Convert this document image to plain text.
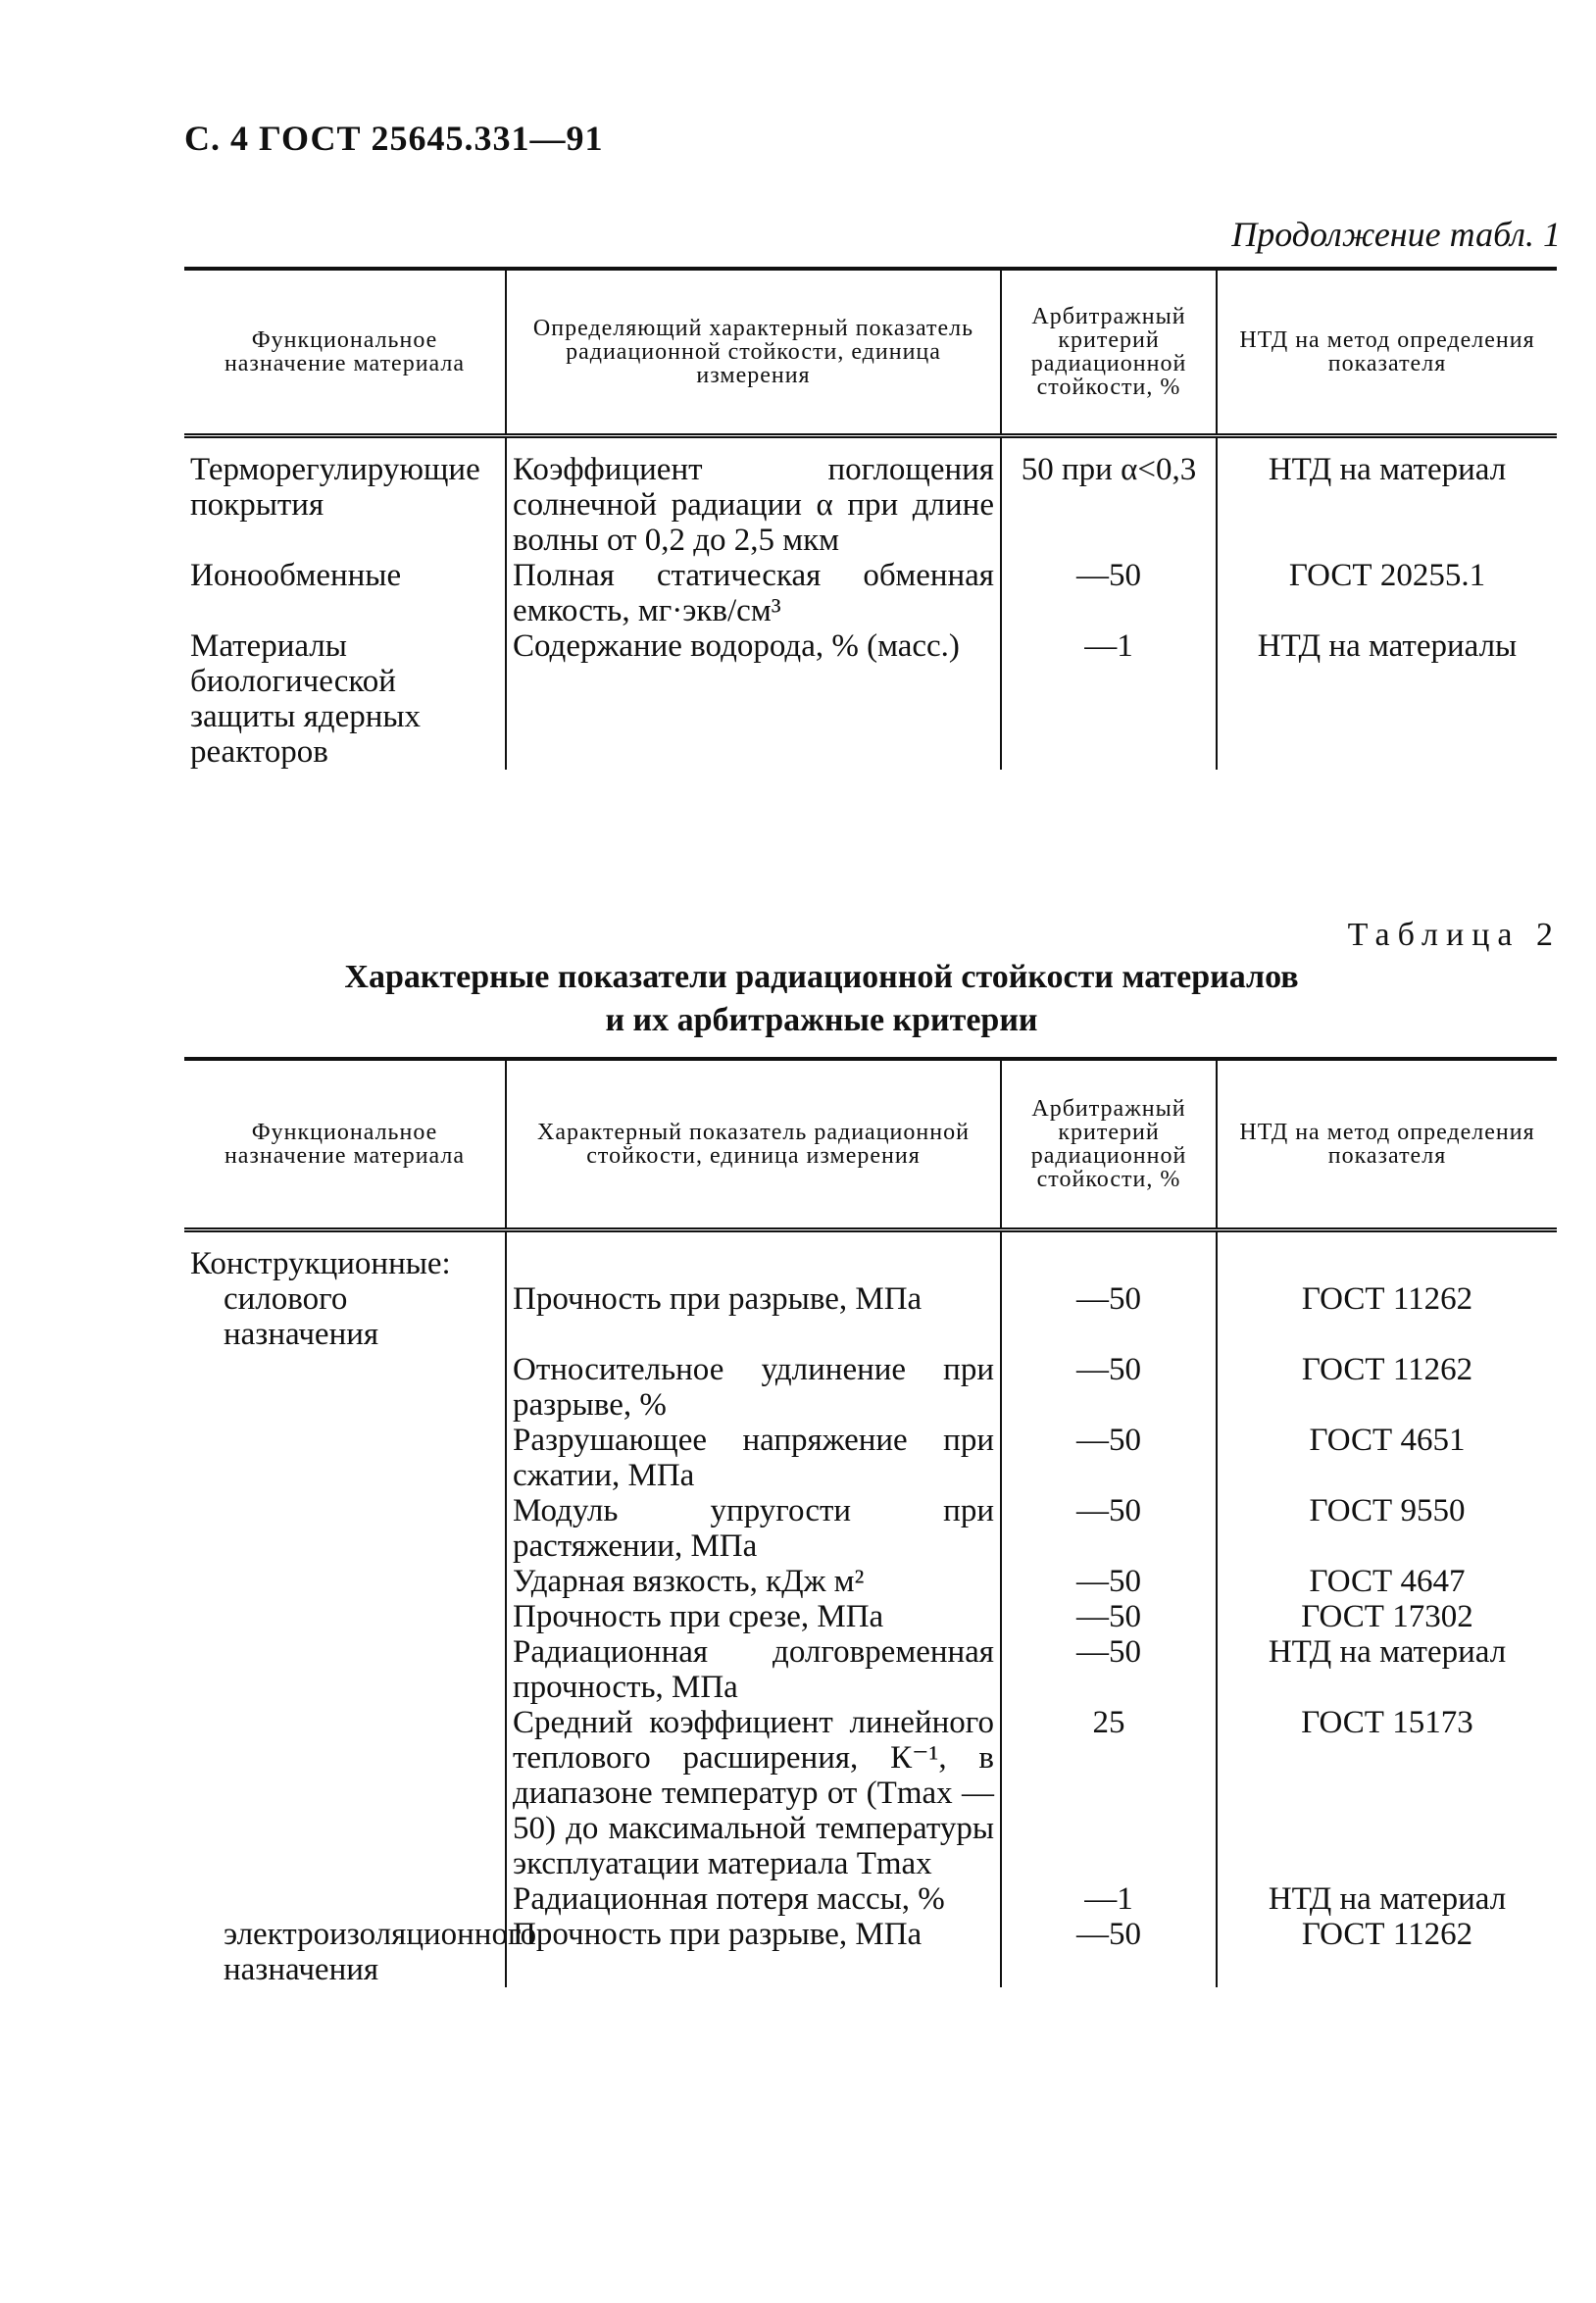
С. 4 ГОСТ 25645.331—91
Продолжение табл. 1
Функциональное назначение материала	Определяющий характерный показатель радиационной стойкости, единица измерения	Арбитражный критерий радиационной стойкости, %	НТД на метод определения показателя
Терморегулирующие покрытия	Коэффициент поглощения солнечной радиации α при длине волны от 0,2 до 2,5 мкм	50 при α<0,3	НТД на материал
Ионообменные	Полная статическая обменная емкость, мг·экв/см³	—50	ГОСТ 20255.1
Материалы биологической защиты ядерных реакторов	Содержание водорода, % (масс.)	—1	НТД на материалы
Таблица 2
Характерные показатели радиационной стойкости материалов
и их арбитражные критерии
Функциональное назначение материала	Характерный показатель радиационной стойкости, единица измерения	Арбитражный критерий радиационной стойкости, %	НТД на метод определения показателя
Конструкционные:			
силового назначения	Прочность при разрыве, МПа	—50	ГОСТ 11262
	Относительное удлинение при разрыве, %	—50	ГОСТ 11262
	Разрушающее напряжение при сжатии, МПа	—50	ГОСТ 4651
	Модуль упругости при растяжении, МПа	—50	ГОСТ 9550
	Ударная вязкость, кДж м²	—50	ГОСТ 4647
	Прочность при срезе, МПа	—50	ГОСТ 17302
	Радиационная долговременная прочность, МПа	—50	НТД на материал
	Средний коэффициент линейного теплового расширения, К⁻¹, в диапазоне температур от (Tmax — 50) до максимальной температуры эксплуатации материала Tmax	25	ГОСТ 15173
	Радиационная потеря массы, %	—1	НТД на материал
электроизоляционного назначения	Прочность при разрыве, МПа	—50	ГОСТ 11262
